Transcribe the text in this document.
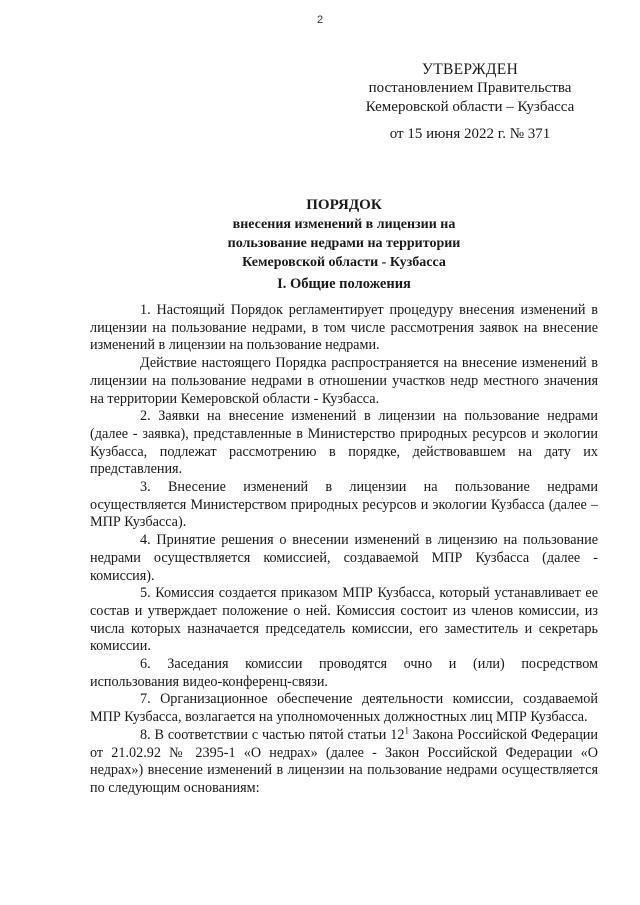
2
УТВЕРЖДЕН
постановлением Правительства
Кемеровской области – Кузбасса
от 15 июня 2022 г. № 371
ПОРЯДОК
внесения изменений в лицензии на
пользование недрами на территории
Кемеровской области - Кузбасса
I. Общие положения

1. Настоящий Порядок регламентирует процедуру внесения изменений в лицензии на пользование недрами, в том числе рассмотрения заявок на внесение изменений в лицензии на пользование недрами.

Действие настоящего Порядка распространяется на внесение изменений в лицензии на пользование недрами в отношении участков недр местного значения на территории Кемеровской области - Кузбасса.

2. Заявки на внесение изменений в лицензии на пользование недрами (далее - заявка), представленные в Министерство природных ресурсов и экологии Кузбасса, подлежат рассмотрению в порядке, действовавшем на дату их представления.

3. Внесение изменений в лицензии на пользование недрами осуществляется Министерством природных ресурсов и экологии Кузбасса (далее – МПР Кузбасса).

4. Принятие решения о внесении изменений в лицензию на пользование недрами осуществляется комиссией, создаваемой МПР Кузбасса (далее - комиссия).

5. Комиссия создается приказом МПР Кузбасса, который устанавливает ее состав и утверждает положение о ней. Комиссия состоит из членов комиссии, из числа которых назначается председатель комиссии, его заместитель и секретарь комиссии.

6. Заседания комиссии проводятся очно и (или) посредством использования видео-конференц-связи.

7. Организационное обеспечение деятельности комиссии, создаваемой МПР Кузбасса, возлагается на уполномоченных должностных лиц МПР Кузбасса.

8. В соответствии с частью пятой статьи $12^1$ Закона Российской Федерации от 21.02.92 № 2395-1 «О недрах» (далее - Закон Российской Федерации «О недрах») внесение изменений в лицензии на пользование недрами осуществляется по следующим основаниям:
